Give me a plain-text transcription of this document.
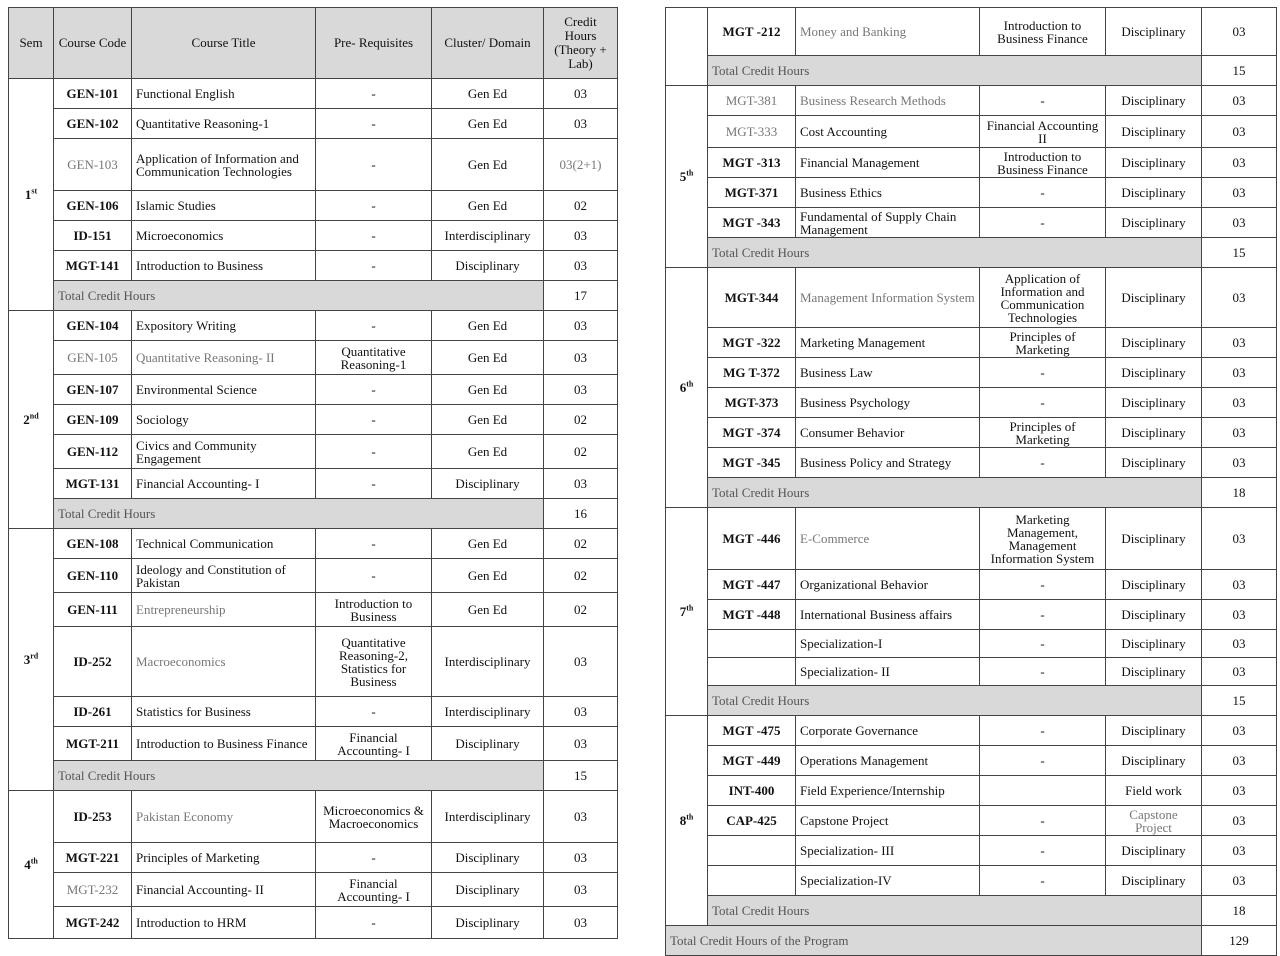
Sem	Course Code	Course Title	Pre- Requisites	Cluster/ Domain	Credit Hours (Theory + Lab)
1st	GEN-101	Functional English	-	Gen Ed	03
	GEN-102	Quantitative Reasoning-1	-	Gen Ed	03
	GEN-103	Application of Information and Communication Technologies	-	Gen Ed	03(2+1)
	GEN-106	Islamic Studies	-	Gen Ed	02
	ID-151	Microeconomics	-	Interdisciplinary	03
	MGT-141	Introduction to Business	-	Disciplinary	03
	Total Credit Hours				17
2nd	GEN-104	Expository Writing	-	Gen Ed	03
	GEN-105	Quantitative Reasoning- II	Quantitative Reasoning-1	Gen Ed	03
	GEN-107	Environmental Science	-	Gen Ed	03
	GEN-109	Sociology	-	Gen Ed	02
	GEN-112	Civics and Community Engagement	-	Gen Ed	02
	MGT-131	Financial Accounting- I	-	Disciplinary	03
	Total Credit Hours				16
3rd	GEN-108	Technical Communication	-	Gen Ed	02
	GEN-110	Ideology and Constitution of Pakistan	-	Gen Ed	02
	GEN-111	Entrepreneurship	Introduction to Business	Gen Ed	02
	ID-252	Macroeconomics	Quantitative Reasoning-2, Statistics for Business	Interdisciplinary	03
	ID-261	Statistics for Business	-	Interdisciplinary	03
	MGT-211	Introduction to Business Finance	Financial Accounting- I	Disciplinary	03
	Total Credit Hours				15
4th	ID-253	Pakistan Economy	Microeconomics & Macroeconomics	Interdisciplinary	03
	MGT-221	Principles of Marketing	-	Disciplinary	03
	MGT-232	Financial Accounting- II	Financial Accounting- I	Disciplinary	03
	MGT-242	Introduction to HRM	-	Disciplinary	03
	MGT -212	Money and Banking	Introduction to Business Finance	Disciplinary	03
	Total Credit Hours				15
5th	MGT-381	Business Research Methods	-	Disciplinary	03
	MGT-333	Cost Accounting	Financial Accounting II	Disciplinary	03
	MGT -313	Financial Management	Introduction to Business Finance	Disciplinary	03
	MGT-371	Business Ethics	-	Disciplinary	03
	MGT -343	Fundamental of Supply Chain Management	-	Disciplinary	03
	Total Credit Hours				15
6th	MGT-344	Management Information System	Application of Information and Communication Technologies	Disciplinary	03
	MGT -322	Marketing Management	Principles of Marketing	Disciplinary	03
	MG T-372	Business Law	-	Disciplinary	03
	MGT-373	Business Psychology	-	Disciplinary	03
	MGT -374	Consumer Behavior	Principles of Marketing	Disciplinary	03
	MGT -345	Business Policy and Strategy	-	Disciplinary	03
	Total Credit Hours				18
7th	MGT -446	E-Commerce	Marketing Management, Management Information System	Disciplinary	03
	MGT -447	Organizational Behavior	-	Disciplinary	03
	MGT -448	International Business affairs	-	Disciplinary	03
		Specialization-I	-	Disciplinary	03
		Specialization- II	-	Disciplinary	03
	Total Credit Hours				15
8th	MGT -475	Corporate Governance	-	Disciplinary	03
	MGT -449	Operations Management	-	Disciplinary	03
	INT-400	Field Experience/Internship		Field work	03
	CAP-425	Capstone Project	-	Capstone Project	03
		Specialization- III	-	Disciplinary	03
		Specialization-IV	-	Disciplinary	03
	Total Credit Hours				18
Total Credit Hours of the Program					129
